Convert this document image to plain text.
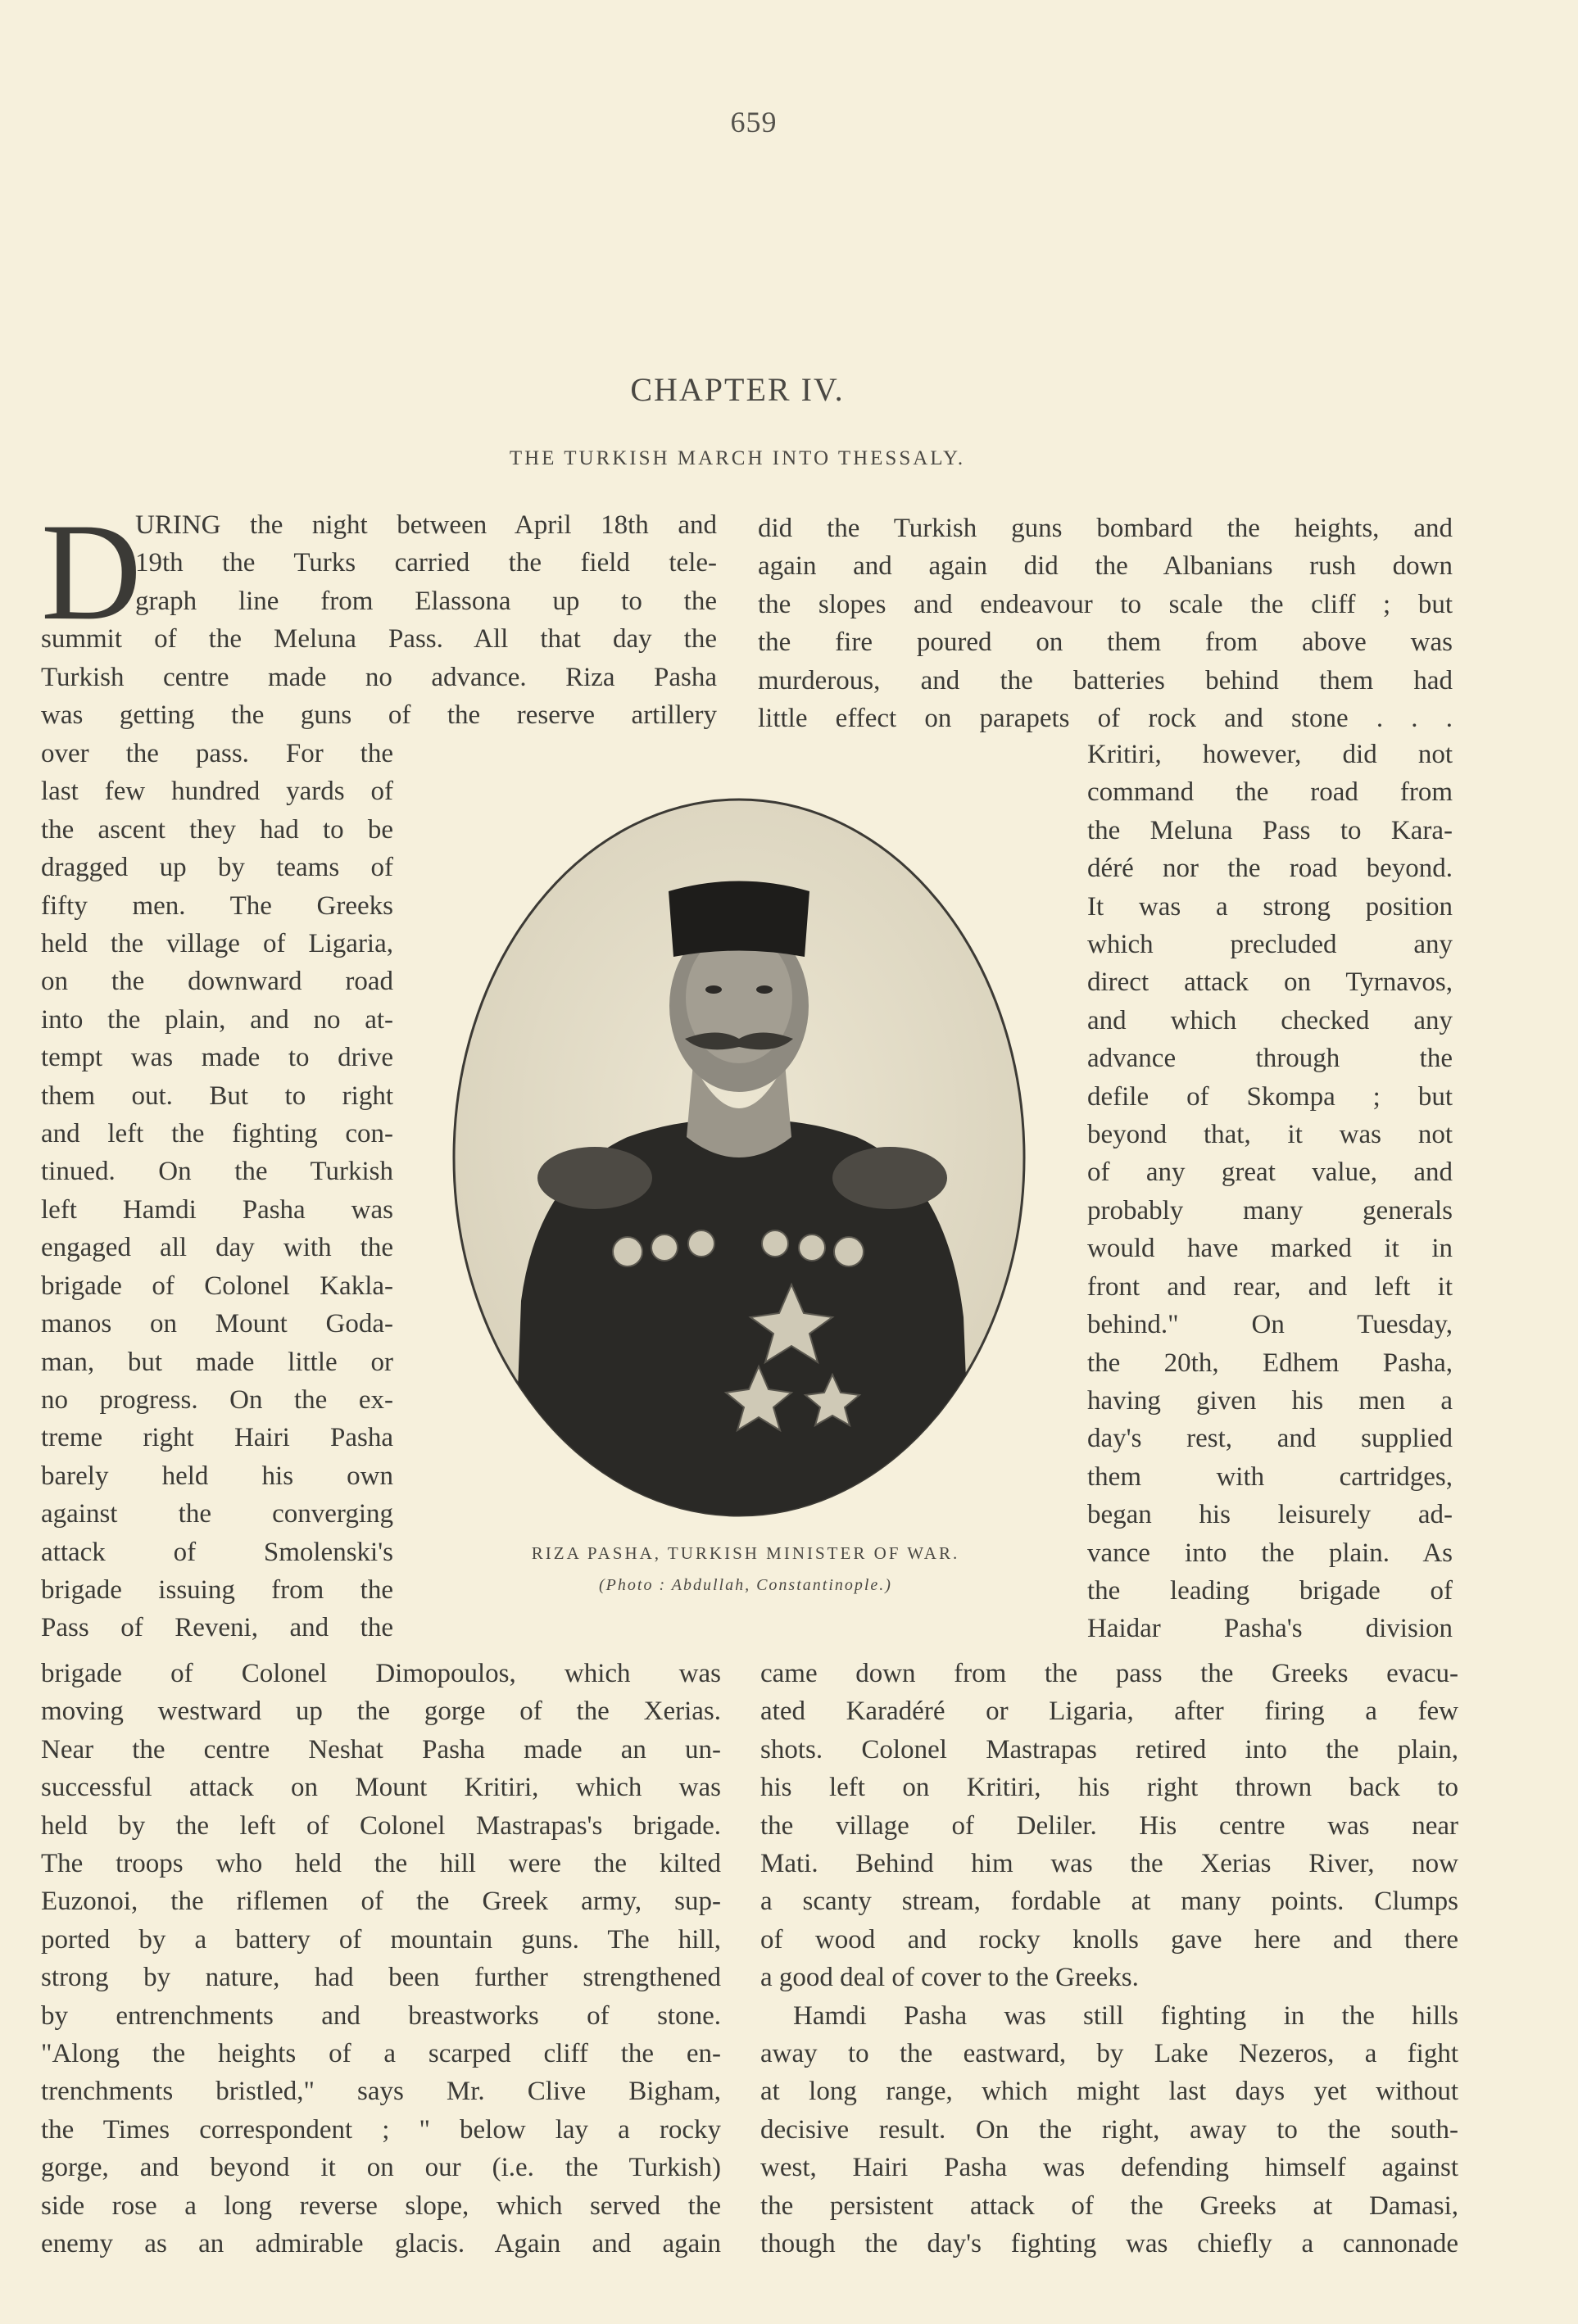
659
CHAPTER IV.
THE TURKISH MARCH INTO THESSALY.
D
URING the night between April 18th and
19th the Turks carried the field tele-
graph line from Elassona up to the
summit of the Meluna Pass. All that day the
Turkish centre made no advance. Riza Pasha
was getting the guns of the reserve artillery
did the Turkish guns bombard the heights, and
again and again did the Albanians rush down
the slopes and endeavour to scale the cliff ; but
the fire poured on them from above was
murderous, and the batteries behind them had
little effect on parapets of rock and stone . . .
over the pass. For the
last few hundred yards of
the ascent they had to be
dragged up by teams of
fifty men. The Greeks
held the village of Ligaria,
on the downward road
into the plain, and no at-
tempt was made to drive
them out. But to right
and left the fighting con-
tinued. On the Turkish
left Hamdi Pasha was
engaged all day with the
brigade of Colonel Kakla-
manos on Mount Goda-
man, but made little or
no progress. On the ex-
treme right Hairi Pasha
barely held his own
against the converging
attack of Smolenski's
brigade issuing from the
Pass of Reveni, and the
Kritiri, however, did not
command the road from
the Meluna Pass to Kara-
déré nor the road beyond.
It was a strong position
which precluded any
direct attack on Tyrnavos,
and which checked any
advance through the
defile of Skompa ; but
beyond that, it was not
of any great value, and
probably many generals
would have marked it in
front and rear, and left it
behind." On Tuesday,
the 20th, Edhem Pasha,
having given his men a
day's rest, and supplied
them with cartridges,
began his leisurely ad-
vance into the plain. As
the leading brigade of
Haidar Pasha's division
RIZA PASHA, TURKISH MINISTER OF WAR.
(Photo : Abdullah, Constantinople.)
brigade of Colonel Dimopoulos, which was
moving westward up the gorge of the Xerias.
Near the centre Neshat Pasha made an un-
successful attack on Mount Kritiri, which was
held by the left of Colonel Mastrapas's brigade.
The troops who held the hill were the kilted
Euzonoi, the riflemen of the Greek army, sup-
ported by a battery of mountain guns. The hill,
strong by nature, had been further strengthened
by entrenchments and breastworks of stone.
"Along the heights of a scarped cliff the en-
trenchments bristled," says Mr. Clive Bigham,
the Times correspondent ; " below lay a rocky
gorge, and beyond it on our (i.e. the Turkish)
side rose a long reverse slope, which served the
enemy as an admirable glacis. Again and again
came down from the pass the Greeks evacu-
ated Karadéré or Ligaria, after firing a few
shots. Colonel Mastrapas retired into the plain,
his left on Kritiri, his right thrown back to
the village of Deliler. His centre was near
Mati. Behind him was the Xerias River, now
a scanty stream, fordable at many points. Clumps
of wood and rocky knolls gave here and there
a good deal of cover to the Greeks.
Hamdi Pasha was still fighting in the hills
away to the eastward, by Lake Nezeros, a fight
at long range, which might last days yet without
decisive result. On the right, away to the south-
west, Hairi Pasha was defending himself against
the persistent attack of the Greeks at Damasi,
though the day's fighting was chiefly a cannonade
